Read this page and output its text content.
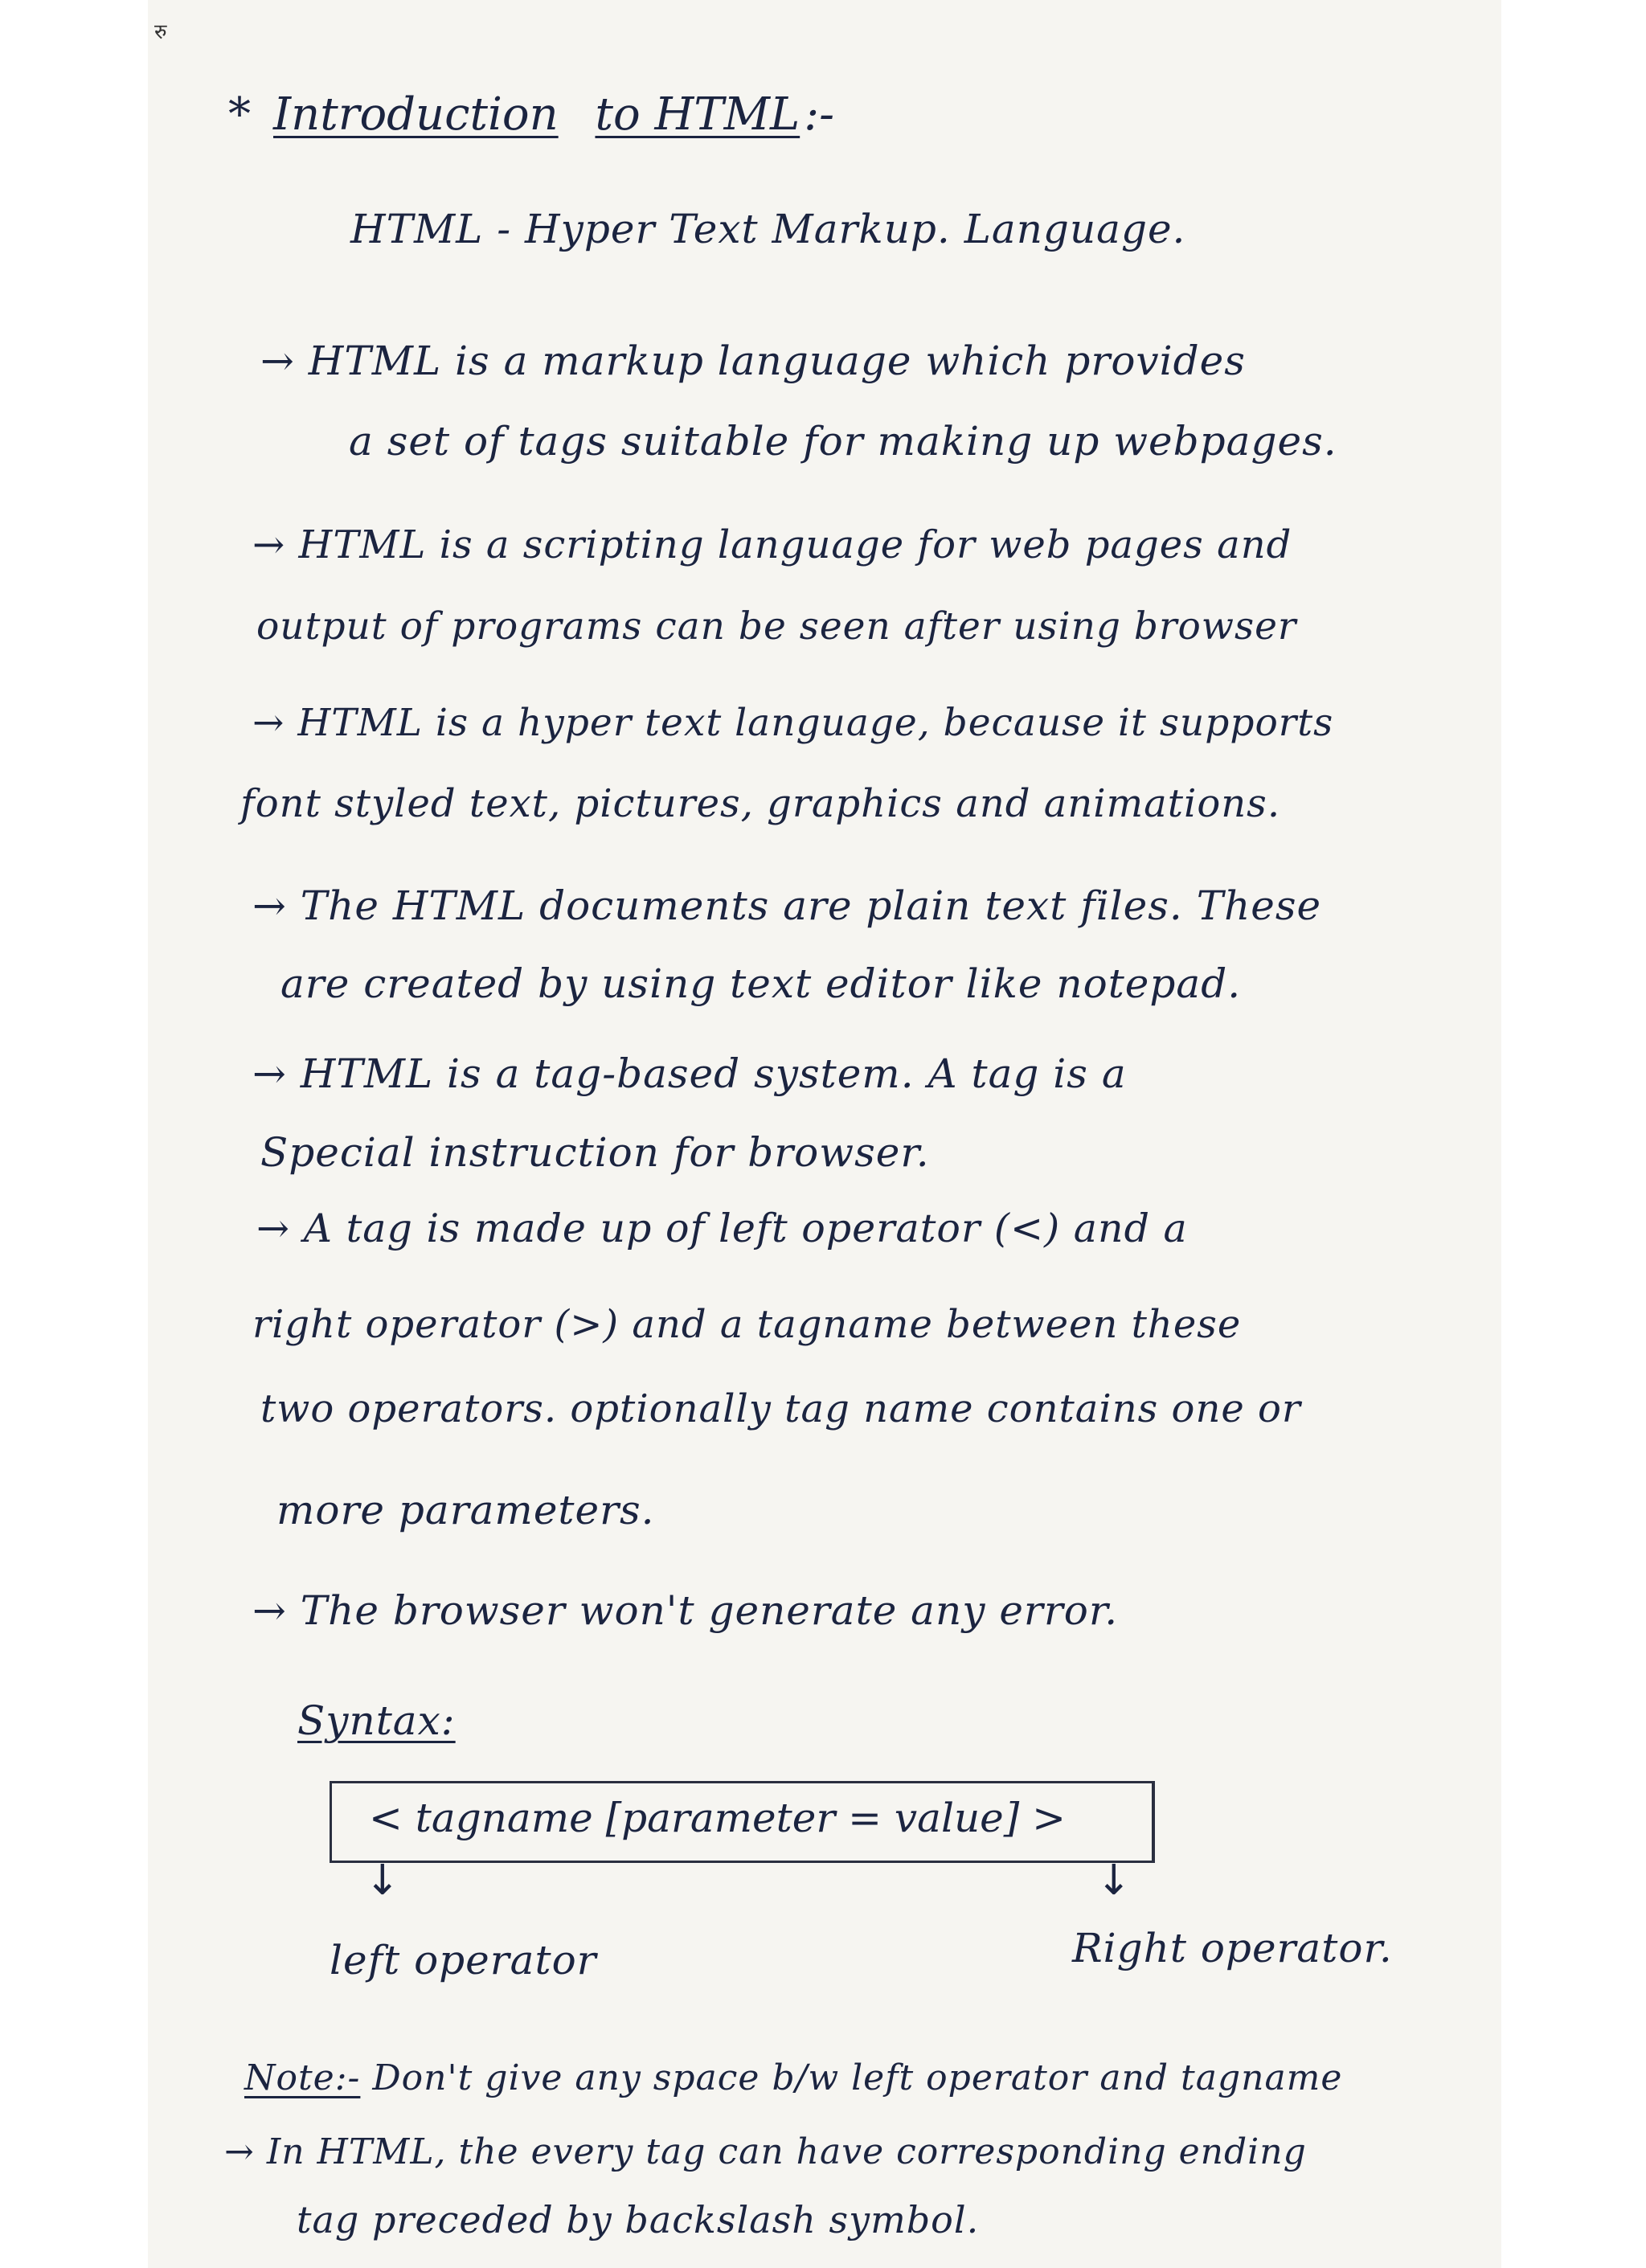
रु
* Introduction to HTML :-
HTML - Hyper Text Markup. Language.
→ HTML is a markup language which provides
a set of tags suitable for making up webpages.
→ HTML is a scripting language for web pages and
output of programs can be seen after using browser
→ HTML is a hyper text language, because it supports
font styled text, pictures, graphics and animations.
→ The HTML documents are plain text files. These
are created by using text editor like notepad.
→ HTML is a tag-based system. A tag is a
Special instruction for browser.
→ A tag is made up of left operator (<) and a
right operator (>) and a tagname between these
two operators. optionally tag name contains one or
more parameters.
→ The browser won't generate any error.
Syntax:
< tagname [parameter = value] >
↓	↓
left operator	Right operator.
Note:- Don't give any space b/w left operator and tagname
→ In HTML, the every tag can have corresponding ending
tag preceded by backslash symbol.
